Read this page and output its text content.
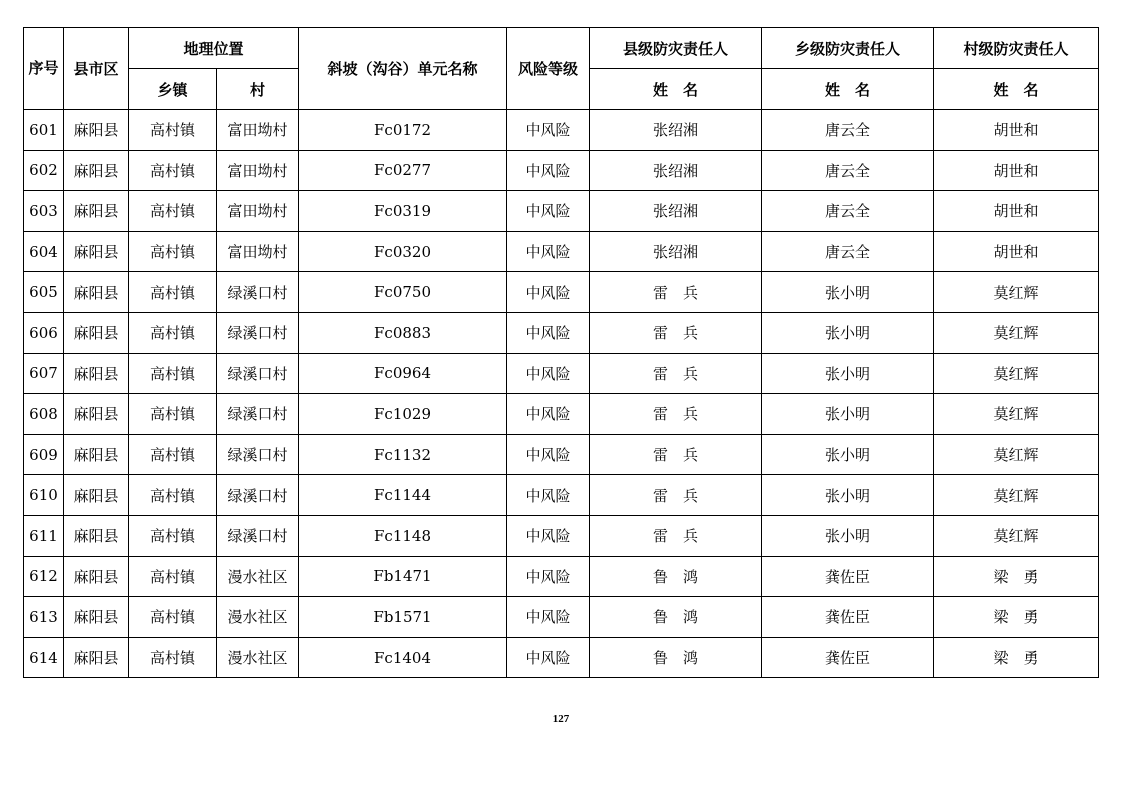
序号	县市区	地理位置		斜坡（沟谷）单元名称	风险等级	县级防灾责任人	乡级防灾责任人	村级防灾责任人
		乡镇	村			姓　名	姓　名	姓　名
601	麻阳县	高村镇	富田坳村	Fc0172	中风险	张绍湘	唐云全	胡世和
602	麻阳县	高村镇	富田坳村	Fc0277	中风险	张绍湘	唐云全	胡世和
603	麻阳县	高村镇	富田坳村	Fc0319	中风险	张绍湘	唐云全	胡世和
604	麻阳县	高村镇	富田坳村	Fc0320	中风险	张绍湘	唐云全	胡世和
605	麻阳县	高村镇	绿溪口村	Fc0750	中风险	雷　兵	张小明	莫红辉
606	麻阳县	高村镇	绿溪口村	Fc0883	中风险	雷　兵	张小明	莫红辉
607	麻阳县	高村镇	绿溪口村	Fc0964	中风险	雷　兵	张小明	莫红辉
608	麻阳县	高村镇	绿溪口村	Fc1029	中风险	雷　兵	张小明	莫红辉
609	麻阳县	高村镇	绿溪口村	Fc1132	中风险	雷　兵	张小明	莫红辉
610	麻阳县	高村镇	绿溪口村	Fc1144	中风险	雷　兵	张小明	莫红辉
611	麻阳县	高村镇	绿溪口村	Fc1148	中风险	雷　兵	张小明	莫红辉
612	麻阳县	高村镇	漫水社区	Fb1471	中风险	鲁　鸿	龚佐臣	梁　勇
613	麻阳县	高村镇	漫水社区	Fb1571	中风险	鲁　鸿	龚佐臣	梁　勇
614	麻阳县	高村镇	漫水社区	Fc1404	中风险	鲁　鸿	龚佐臣	梁　勇
127
